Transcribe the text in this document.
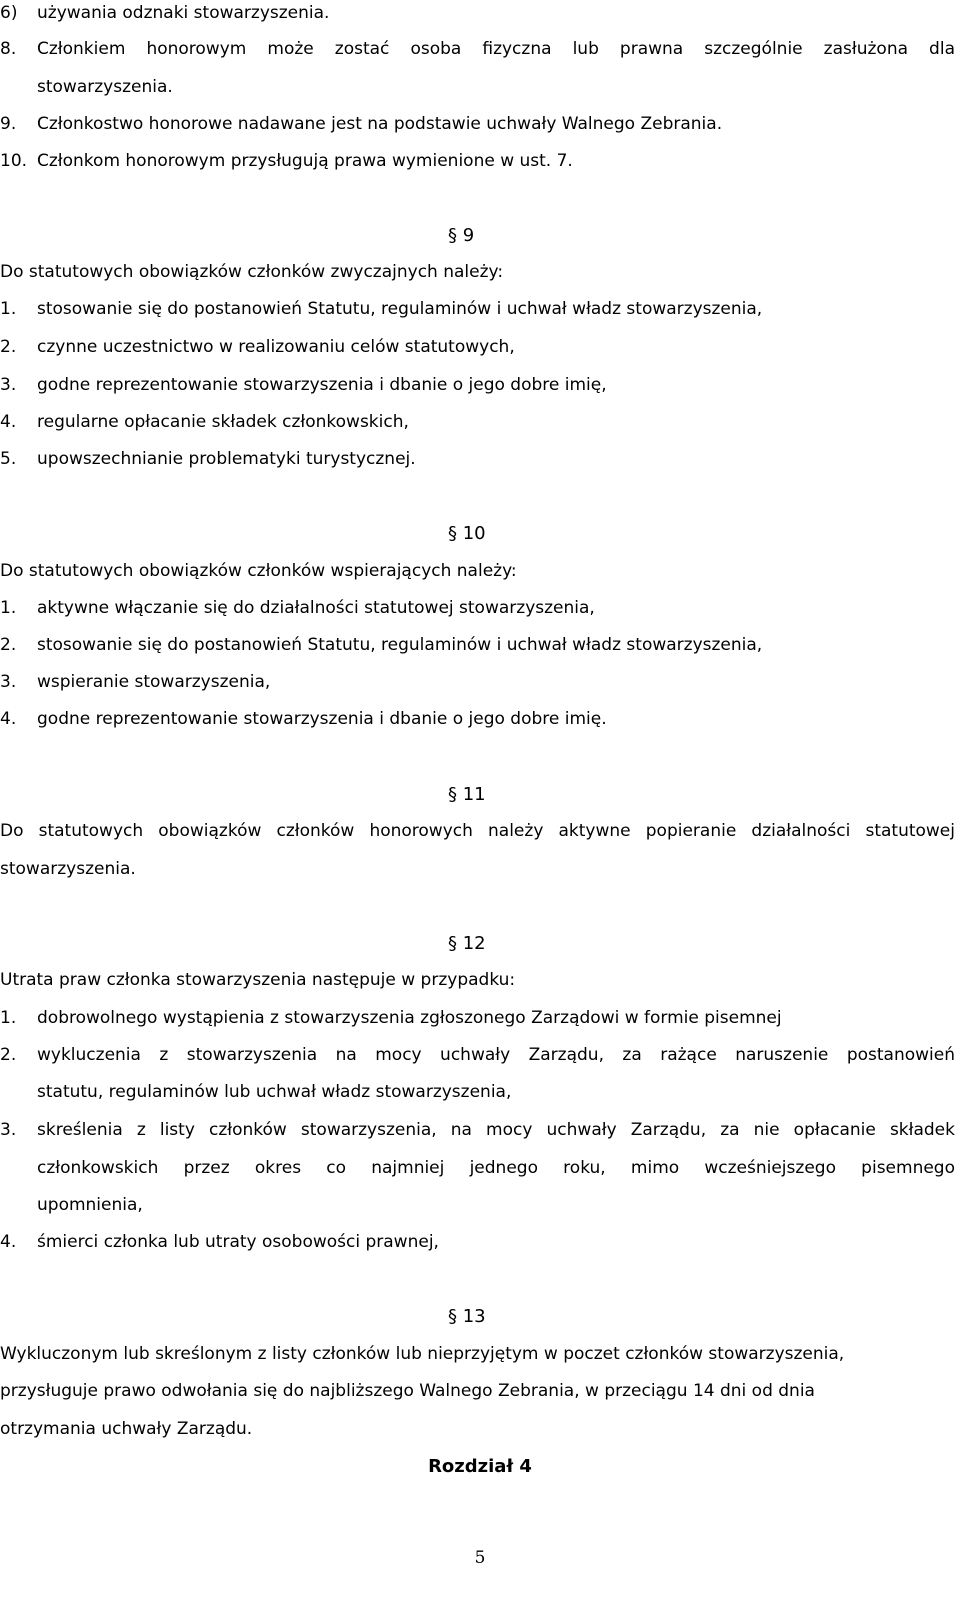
6) używania odznaki stowarzyszenia.
8. Członkiem honorowym może zostać osoba fizyczna lub prawna szczególnie zasłużona dla
stowarzyszenia.
9. Członkostwo honorowe nadawane jest na podstawie uchwały Walnego Zebrania.
10. Członkom honorowym przysługują prawa wymienione w ust. 7.
§ 9
Do statutowych obowiązków członków zwyczajnych należy:
1. stosowanie się do postanowień Statutu, regulaminów i uchwał władz stowarzyszenia,
2. czynne uczestnictwo w realizowaniu celów statutowych,
3. godne reprezentowanie stowarzyszenia i dbanie o jego dobre imię,
4. regularne opłacanie składek członkowskich,
5. upowszechnianie problematyki turystycznej.
§ 10
Do statutowych obowiązków członków wspierających należy:
1. aktywne włączanie się do działalności statutowej stowarzyszenia,
2. stosowanie się do postanowień Statutu, regulaminów i uchwał władz stowarzyszenia,
3. wspieranie stowarzyszenia,
4. godne reprezentowanie stowarzyszenia i dbanie o jego dobre imię.
§ 11
Do statutowych obowiązków członków honorowych należy aktywne popieranie działalności statutowej
stowarzyszenia.
§ 12
Utrata praw członka stowarzyszenia następuje w przypadku:
1. dobrowolnego wystąpienia z stowarzyszenia zgłoszonego Zarządowi w formie pisemnej
2. wykluczenia z stowarzyszenia na mocy uchwały Zarządu, za rażące naruszenie postanowień
statutu, regulaminów lub uchwał władz stowarzyszenia,
3. skreślenia z listy członków stowarzyszenia, na mocy uchwały Zarządu, za nie opłacanie składek
członkowskich przez okres co najmniej jednego roku, mimo wcześniejszego pisemnego
upomnienia,
4. śmierci członka lub utraty osobowości prawnej,
§ 13
Wykluczonym lub skreślonym z listy członków lub nieprzyjętym w poczet członków stowarzyszenia,
przysługuje prawo odwołania się do najbliższego Walnego Zebrania, w przeciągu 14 dni od dnia
otrzymania uchwały Zarządu.
Rozdział 4
5
